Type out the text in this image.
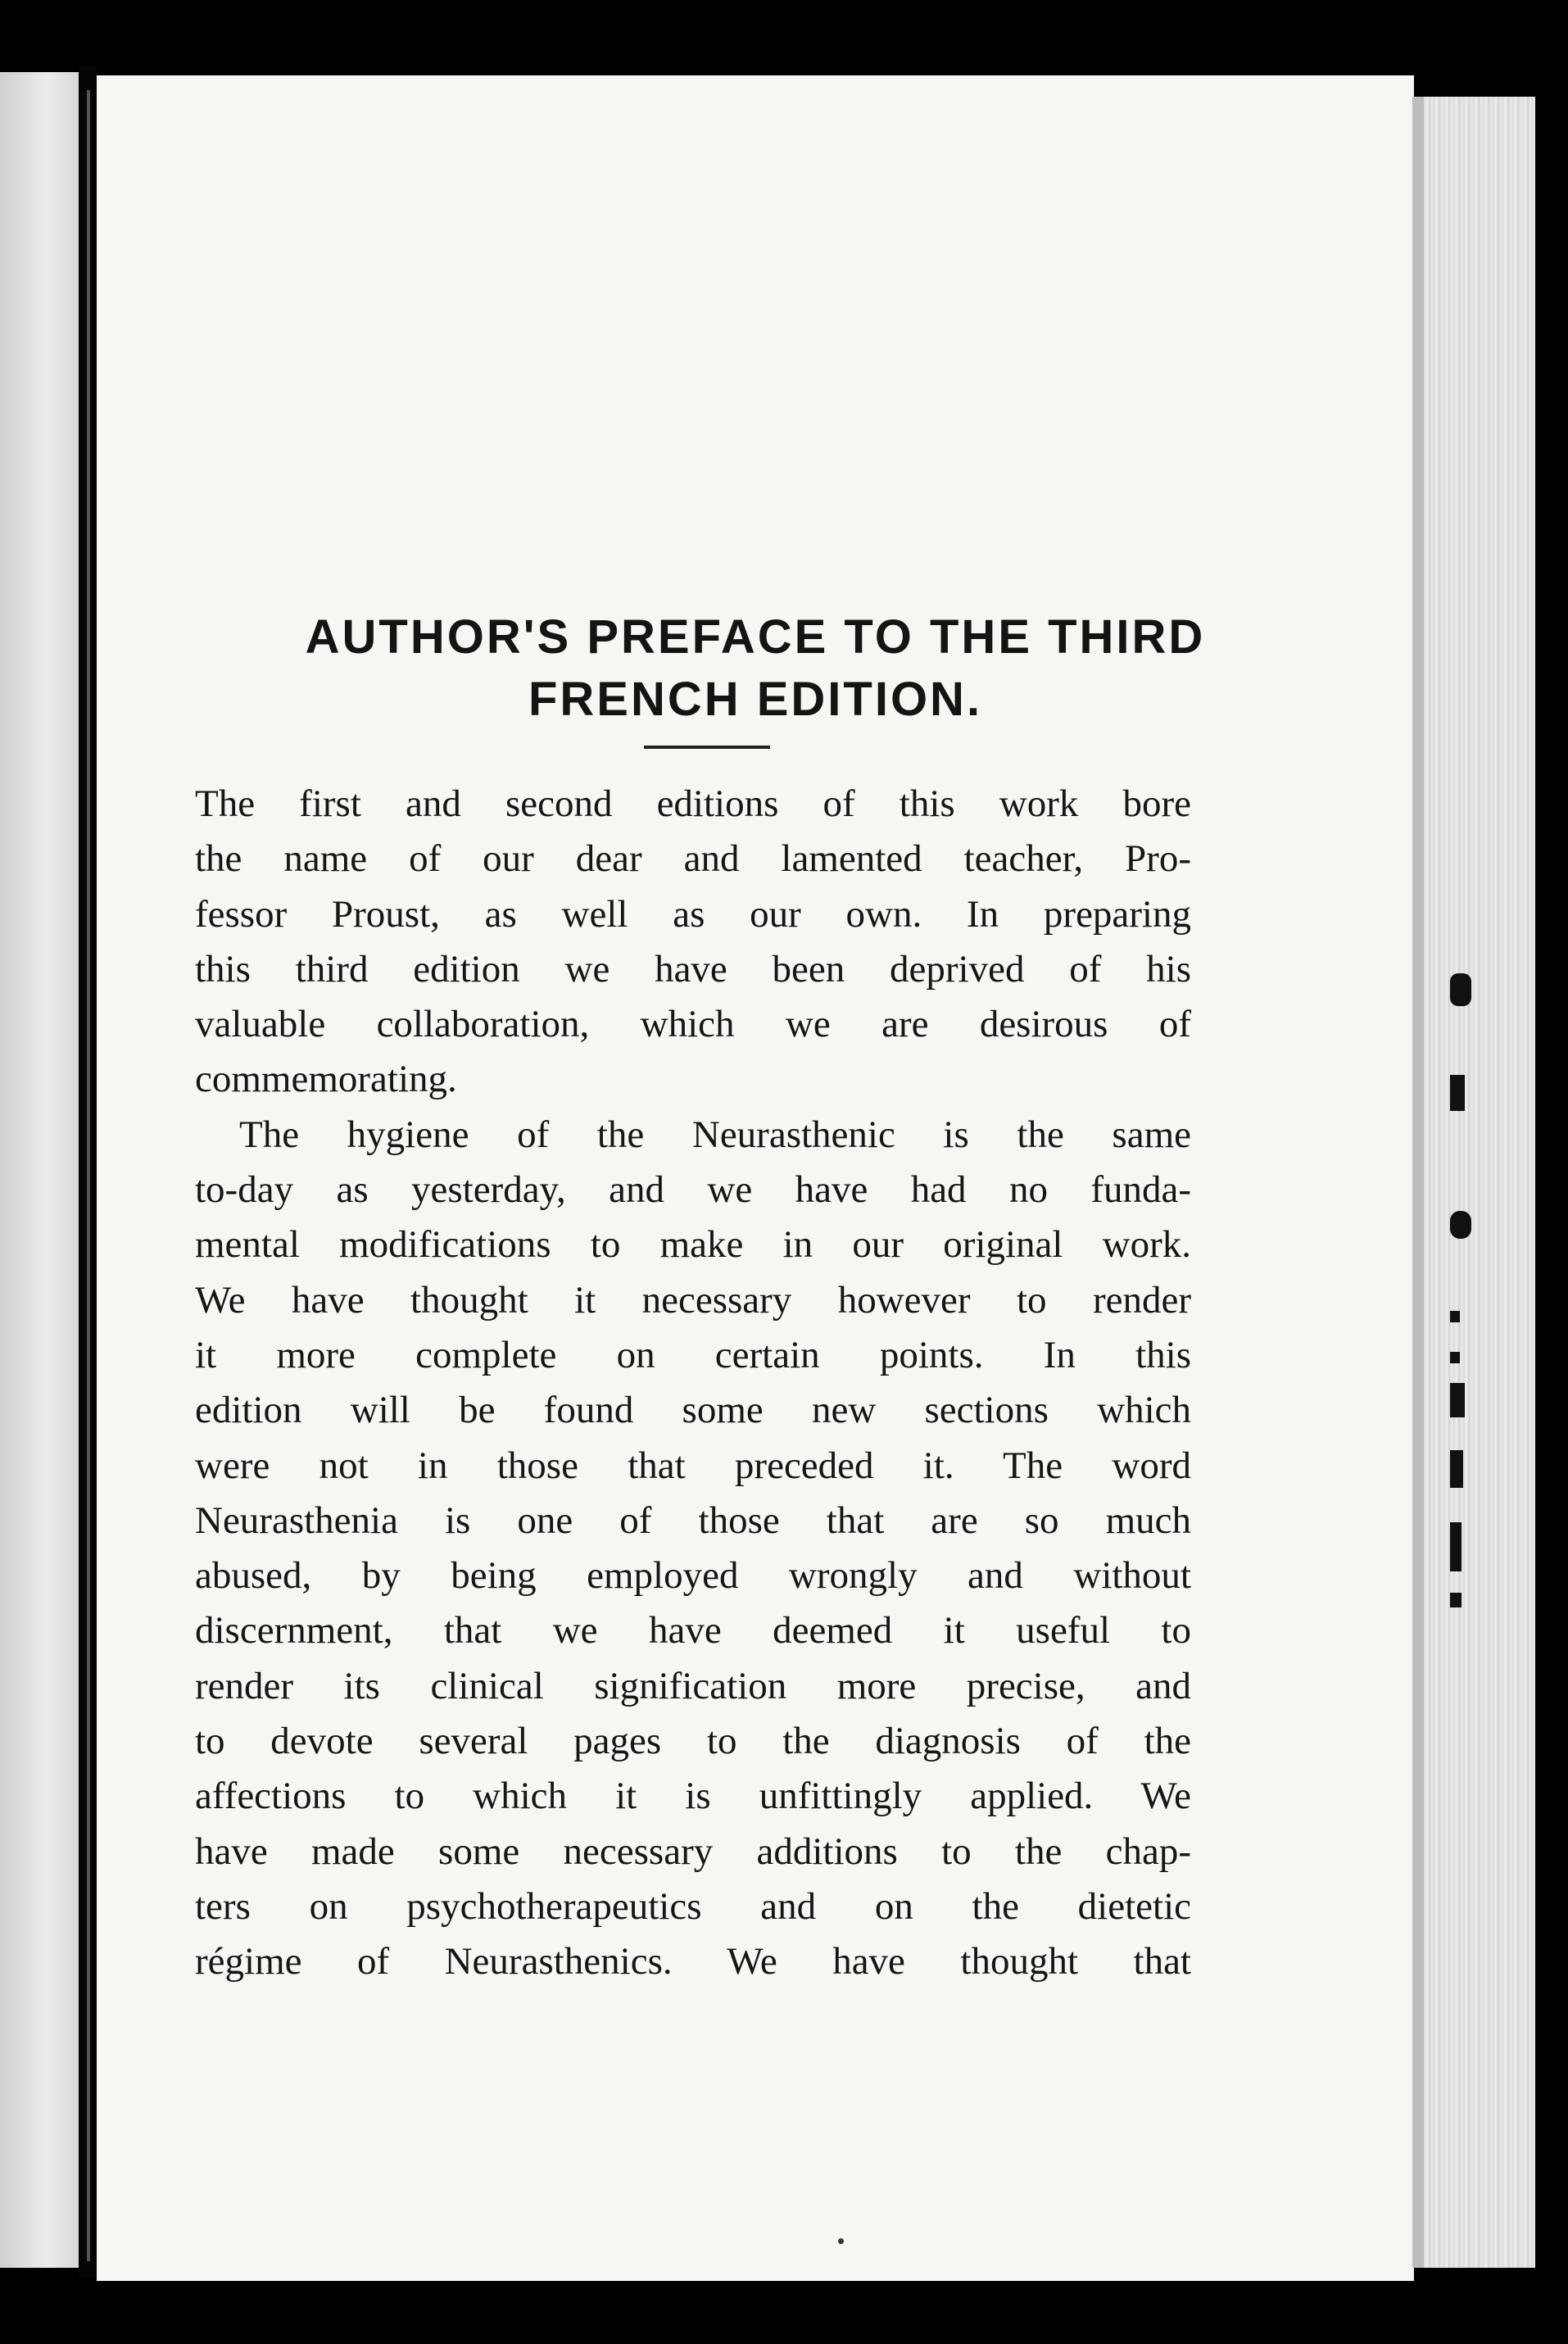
AUTHOR'S PREFACE TO THE THIRD
FRENCH EDITION.
The first and second editions of this work bore
the name of our dear and lamented teacher, Pro-
fessor Proust, as well as our own. In preparing
this third edition we have been deprived of his
valuable collaboration, which we are desirous of
commemorating.
The hygiene of the Neurasthenic is the same
to-day as yesterday, and we have had no funda-
mental modifications to make in our original work.
We have thought it necessary however to render
it more complete on certain points. In this
edition will be found some new sections which
were not in those that preceded it. The word
Neurasthenia is one of those that are so much
abused, by being employed wrongly and without
discernment, that we have deemed it useful to
render its clinical signification more precise, and
to devote several pages to the diagnosis of the
affections to which it is unfittingly applied. We
have made some necessary additions to the chap-
ters on psychotherapeutics and on the dietetic
régime of Neurasthenics. We have thought that
